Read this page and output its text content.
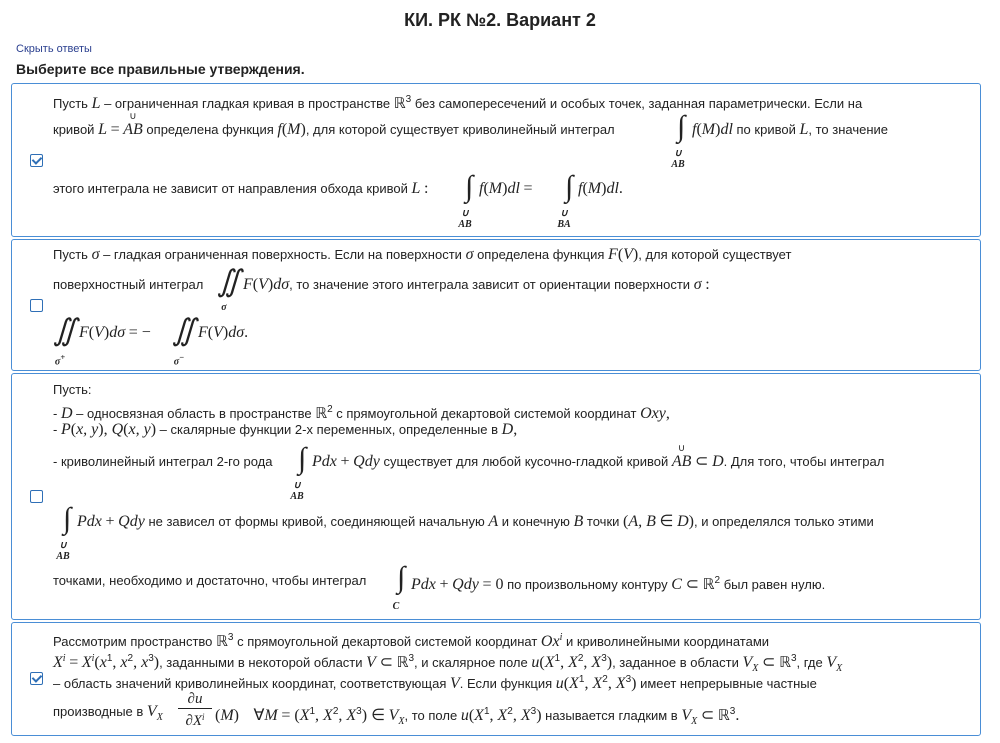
КИ. РК №2. Вариант 2
Скрыть ответы
Выберите все правильные утверждения.
Пусть L – ограниченная гладкая кривая в пространстве ℝ$^3$ без самопересечений и особых точек, заданная параметрически. Если на
кривой L = AB
∪
определена функция f(M), для которой существует криволинейный интеграл ∫
∪
AB
f(M)dl по кривой L, то значение
этого интеграла не зависит от направления обхода кривой L : ∫
∪
AB
f(M)dl = ∫
∪
BA
f(M)dl.
Пусть σ – гладкая ограниченная поверхность. Если на поверхности σ определена функция F(V), для которой существует
поверхностный интеграл ∬
σ
F(V)dσ, то значение этого интеграла зависит от ориентации поверхности σ :
∬
σ+
F(V)dσ = − ∬
σ−
F(V)dσ.
Пусть:
- D – односвязная область в пространстве ℝ$^2$ с прямоугольной декартовой системой координат Oxy,
- P(x, y), Q(x, y) – скалярные функции 2-х переменных, определенные в D,
- криволинейный интеграл 2-го рода ∫
∪
AB
Pdx + Qdy существует для любой кусочно-гладкой кривой AB
∪
⊂ D. Для того, чтобы интеграл
∫
∪
AB
Pdx + Qdy не зависел от формы кривой, соединяющей начальную A и конечную B точки (A, B ∈ D), и определялся только этими
точками, необходимо и достаточно, чтобы интеграл ∫
C
Pdx + Qdy = 0 по произвольному контуру C ⊂ ℝ$^2$ был равен нулю.
Рассмотрим пространство ℝ$^3$ с прямоугольной декартовой системой координат Ox$^i$ и криволинейными координатами
$X^i = X^i(x^1$, $x^2$, $x^3$), заданными в некоторой области V ⊂ ℝ$^3$, и скалярное поле $u(X^1$, $X^2$, $X^3$), заданное в области $V_X$ ⊂ ℝ$^3$, где $V_X$
– область значений криволинейных координат, соответствующая V. Если функция $u(X^1$, $X^2$, $X^3$) имеет непрерывные частные
производные в $V_X$
∂u
$\partial X^i$ (M) ∀M = ($X^1$, $X^2$, $X^3$) ∈ $V_X$, то поле $u(X^1$, $X^2$, $X^3$) называется гладким в $V_X$ ⊂ ℝ$^3$.
